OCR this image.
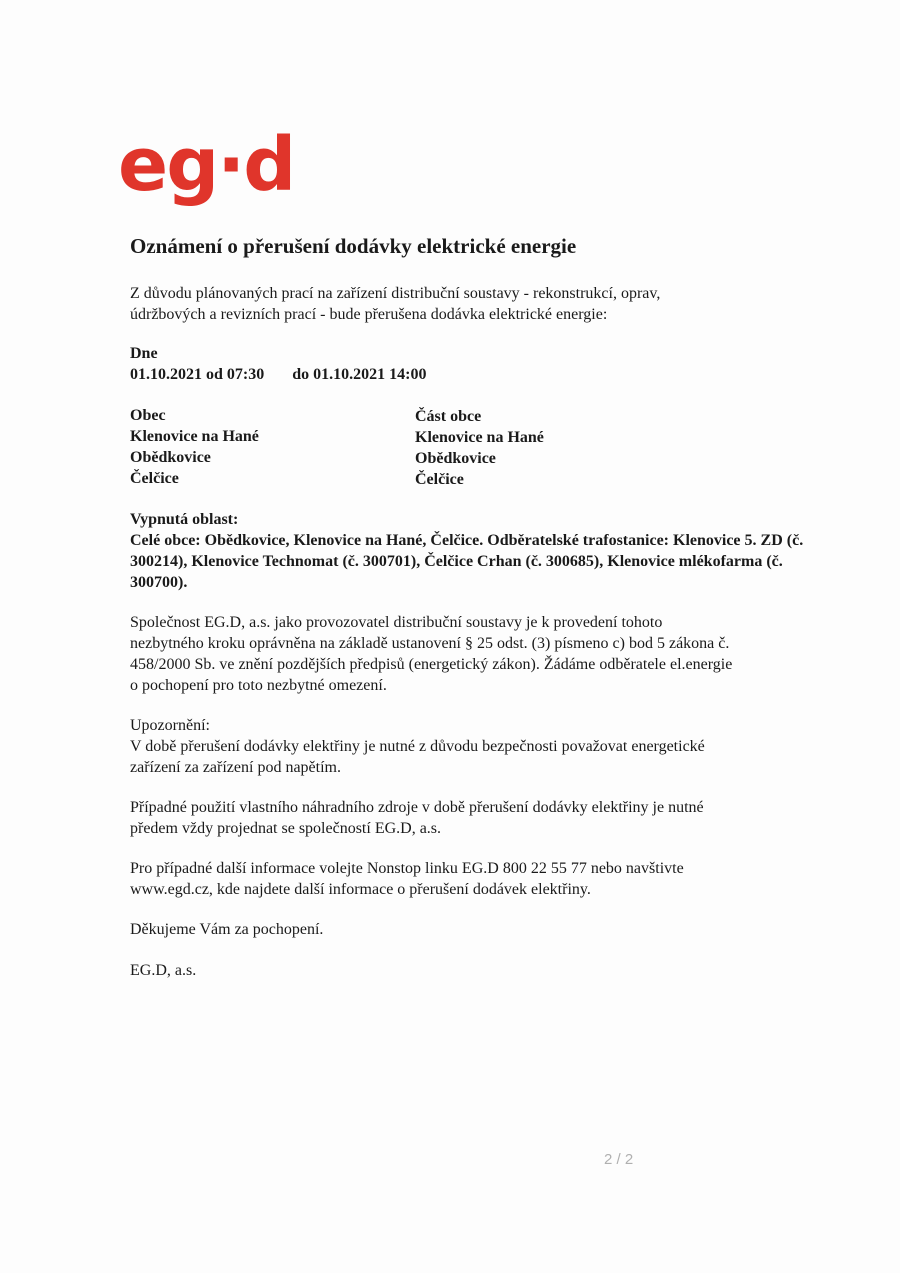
eg·d
Oznámení o přerušení dodávky elektrické energie
Z důvodu plánovaných prací na zařízení distribuční soustavy - rekonstrukcí, oprav,
údržbových a revizních prací - bude přerušena dodávka elektrické energie:
Dne
01.10.2021 od 07:30 do 01.10.2021 14:00
Obec
Klenovice na Hané
Obědkovice
Čelčice
Část obce
Klenovice na Hané
Obědkovice
Čelčice
Vypnutá oblast:
Celé obce: Obědkovice, Klenovice na Hané, Čelčice. Odběratelské trafostanice: Klenovice 5. ZD (č.
300214), Klenovice Technomat (č. 300701), Čelčice Crhan (č. 300685), Klenovice mlékofarma (č.
300700).
Společnost EG.D, a.s. jako provozovatel distribuční soustavy je k provedení tohoto
nezbytného kroku oprávněna na základě ustanovení § 25 odst. (3) písmeno c) bod 5 zákona č.
458/2000 Sb. ve znění pozdějších předpisů (energetický zákon). Žádáme odběratele el.energie
o pochopení pro toto nezbytné omezení.
Upozornění:
V době přerušení dodávky elektřiny je nutné z důvodu bezpečnosti považovat energetické
zařízení za zařízení pod napětím.
Případné použití vlastního náhradního zdroje v době přerušení dodávky elektřiny je nutné
předem vždy projednat se společností EG.D, a.s.
Pro případné další informace volejte Nonstop linku EG.D 800 22 55 77 nebo navštivte
www.egd.cz, kde najdete další informace o přerušení dodávek elektřiny.
Děkujeme Vám za pochopení.
EG.D, a.s.
2 / 2
